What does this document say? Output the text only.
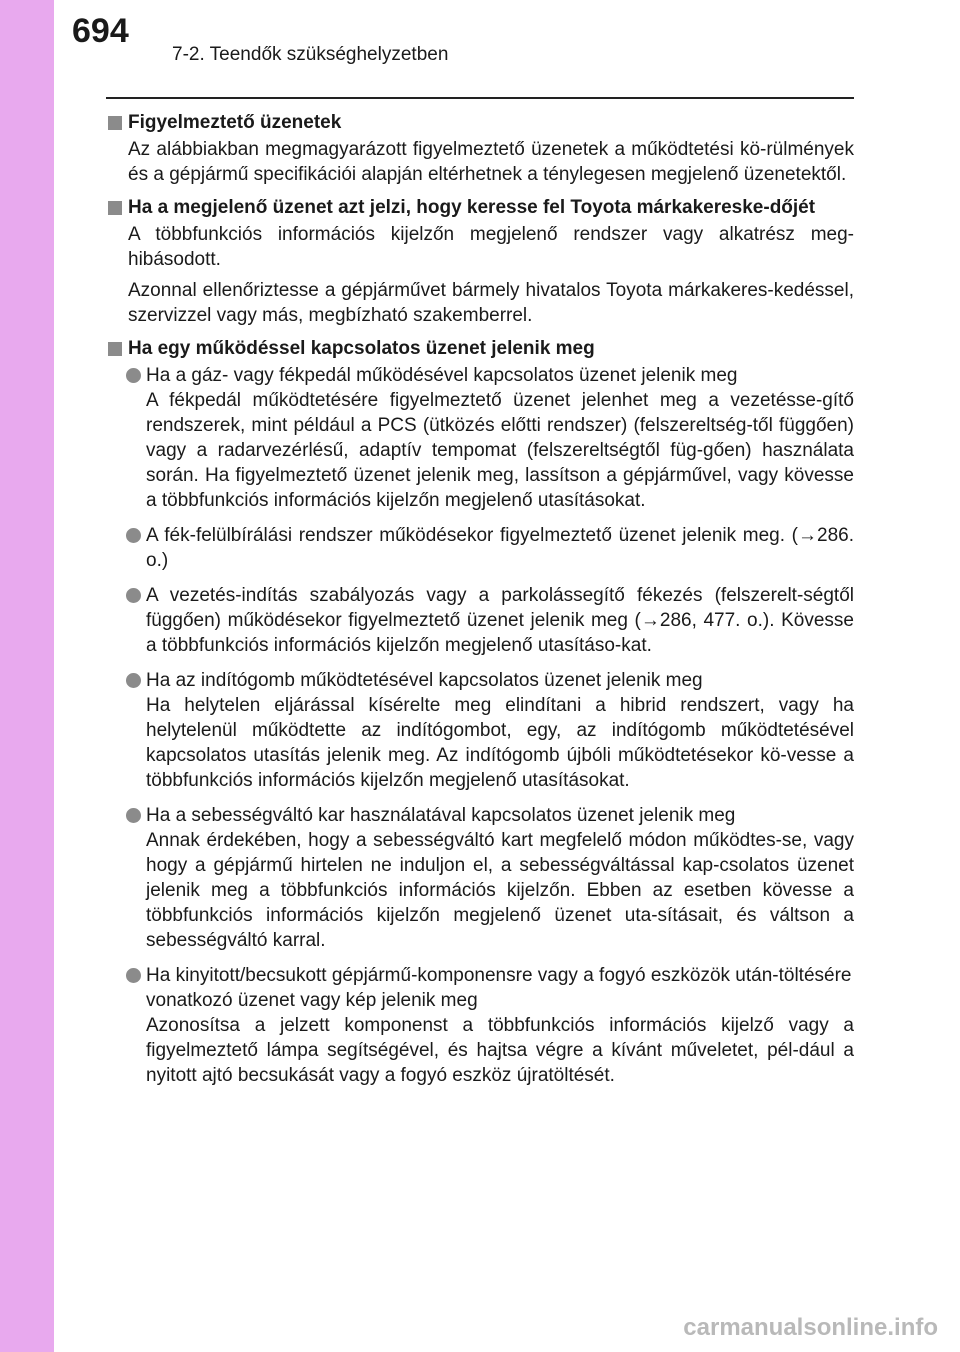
694
7-2. Teendők szükséghelyzetben
Figyelmeztető üzenetek
Az alábbiakban megmagyarázott figyelmeztető üzenetek a működtetési kö-rülmények és a gépjármű specifikációi alapján eltérhetnek a ténylegesen megjelenő üzenetektől.
Ha a megjelenő üzenet azt jelzi, hogy keresse fel Toyota márkakereske-dőjét
A többfunkciós információs kijelzőn megjelenő rendszer vagy alkatrész meg-hibásodott.
Azonnal ellenőriztesse a gépjárművet bármely hivatalos Toyota márkakeres-kedéssel, szervizzel vagy más, megbízható szakemberrel.
Ha egy működéssel kapcsolatos üzenet jelenik meg
Ha a gáz- vagy fékpedál működésével kapcsolatos üzenet jelenik meg
A fékpedál működtetésére figyelmeztető üzenet jelenhet meg a vezetésse-gítő rendszerek, mint például a PCS (ütközés előtti rendszer) (felszereltség-től függően) vagy a radarvezérlésű, adaptív tempomat (felszereltségtől füg-gően) használata során. Ha figyelmeztető üzenet jelenik meg, lassítson a gépjárművel, vagy kövesse a többfunkciós információs kijelzőn megjelenő utasításokat.
A fék-felülbírálási rendszer működésekor figyelmeztető üzenet jelenik meg. (→286. o.)
A vezetés-indítás szabályozás vagy a parkolássegítő fékezés (felszerelt-ségtől függően) működésekor figyelmeztető üzenet jelenik meg (→286, 477. o.). Kövesse a többfunkciós információs kijelzőn megjelenő utasításo-kat.
Ha az indítógomb működtetésével kapcsolatos üzenet jelenik meg
Ha helytelen eljárással kísérelte meg elindítani a hibrid rendszert, vagy ha helytelenül működtette az indítógombot, egy, az indítógomb működtetésével kapcsolatos utasítás jelenik meg. Az indítógomb újbóli működtetésekor kö-vesse a többfunkciós információs kijelzőn megjelenő utasításokat.
Ha a sebességváltó kar használatával kapcsolatos üzenet jelenik meg
Annak érdekében, hogy a sebességváltó kart megfelelő módon működtes-se, vagy hogy a gépjármű hirtelen ne induljon el, a sebességváltással kap-csolatos üzenet jelenik meg a többfunkciós információs kijelzőn. Ebben az esetben kövesse a többfunkciós információs kijelzőn megjelenő üzenet uta-sításait, és váltson a sebességváltó karral.
Ha kinyitott/becsukott gépjármű-komponensre vagy a fogyó eszközök után-töltésére vonatkozó üzenet vagy kép jelenik meg
Azonosítsa a jelzett komponenst a többfunkciós információs kijelző vagy a figyelmeztető lámpa segítségével, és hajtsa végre a kívánt műveletet, pél-dául a nyitott ajtó becsukását vagy a fogyó eszköz újratöltését.
carmanualsonline.info
